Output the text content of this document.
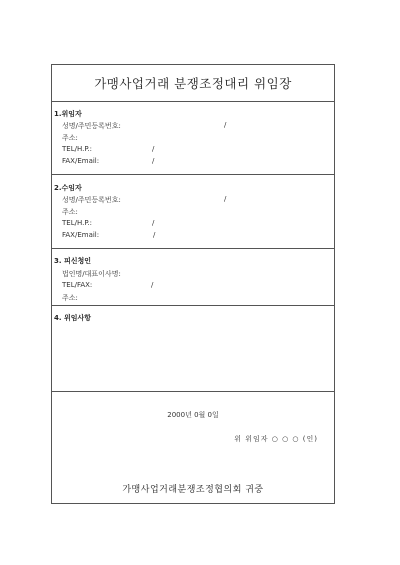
가맹사업거래 분쟁조정대리 위임장
1.위임자
성명/주민등록번호:	/
주소:
TEL/H.P.:	/
FAX/Email:	/
2.수임자
성명/주민등록번호:	/
주소:
TEL/H.P.:	/
FAX/Email:	/
3. 피신청인
법인명/대표이사명:
TEL/FAX:	/
주소:
4. 위임사항
2000년 0월 0일
위 위임자 ○ ○ ○ (인)
가맹사업거래분쟁조정협의회 귀중
